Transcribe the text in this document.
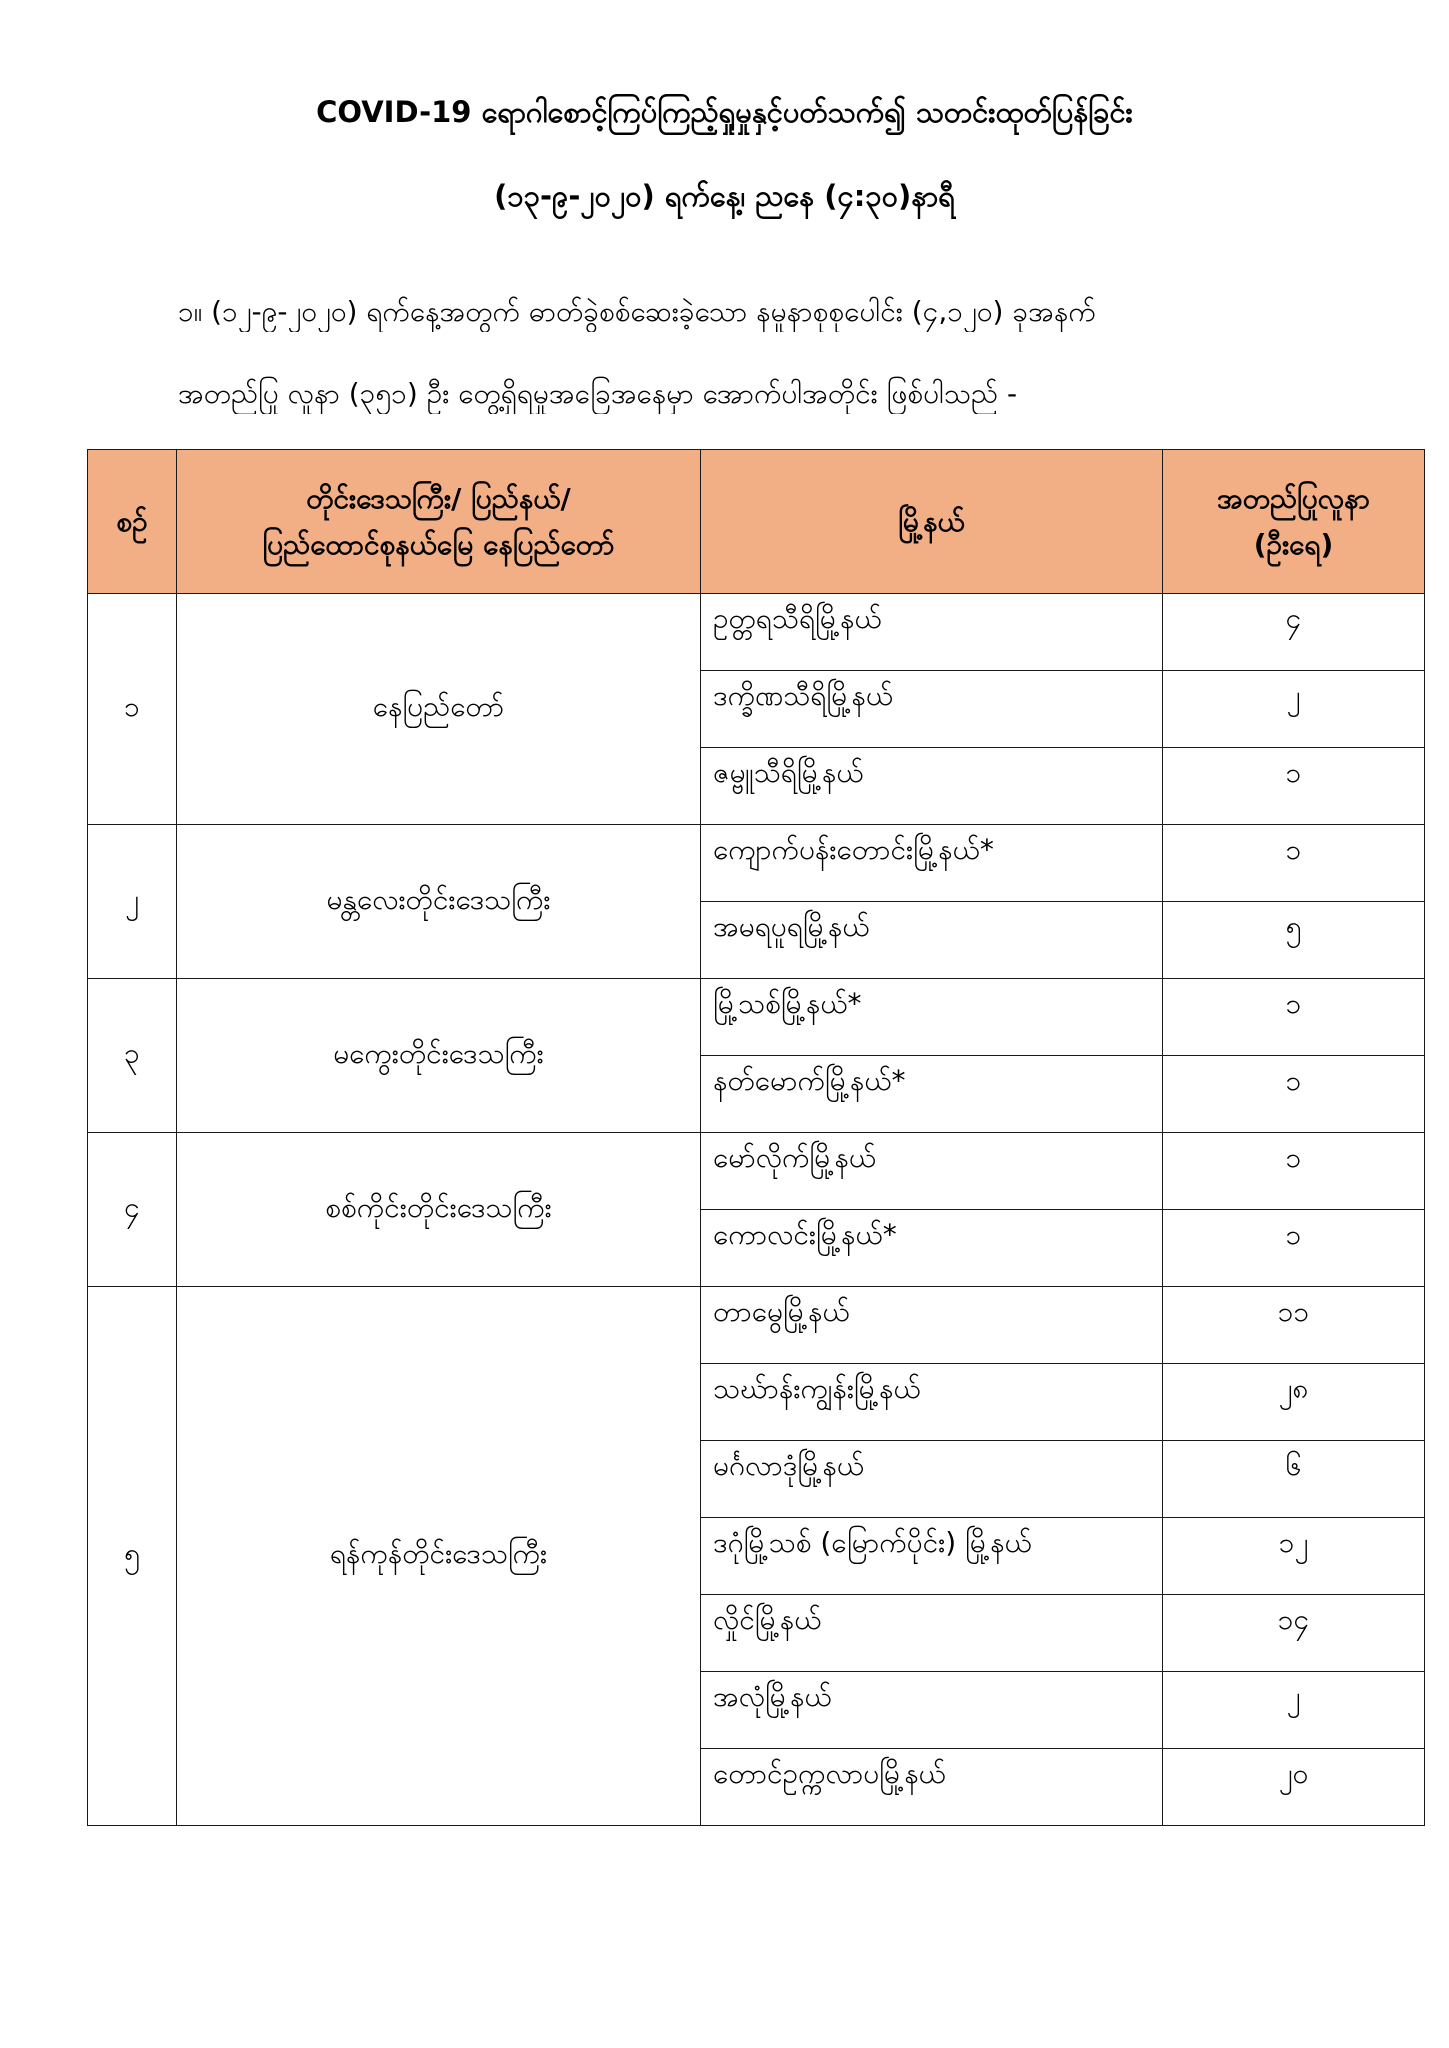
COVID-19 ရောဂါစောင့်ကြပ်ကြည့်ရှုမှုနှင့်ပတ်သက်၍ သတင်းထုတ်ပြန်ခြင်း

(၁၃-၉-၂၀၂၀) ရက်နေ့၊ ညနေ (၄:၃၀)နာရီ

၁။ (၁၂-၉-၂၀၂၀) ရက်နေ့အတွက် ဓာတ်ခွဲစစ်ဆေးခဲ့သော နမူနာစုစုပေါင်း (၄,၁၂၀) ခုအနက်

အတည်ပြု လူနာ (၃၅၁) ဦး တွေ့ရှိရမှုအခြေအနေမှာ အောက်ပါအတိုင်း ဖြစ်ပါသည် -

စဉ်	တိုင်းဒေသကြီး/ ပြည်နယ်/
ပြည်ထောင်စုနယ်မြေ နေပြည်တော်	မြို့နယ်	အတည်ပြုလူနာ
(ဦးရေ)

၁	နေပြည်တော်	ဥတ္တရသီရိမြို့နယ်	၄
		ဒက္ခိဏသီရိမြို့နယ်	၂
		ဇမ္ဗူသီရိမြို့နယ်	၁
၂	မန္တလေးတိုင်းဒေသကြီး	ကျောက်ပန်းတောင်းမြို့နယ်*	၁
		အမရပူရမြို့နယ်	၅
၃	မကွေးတိုင်းဒေသကြီး	မြို့သစ်မြို့နယ်*	၁
		နတ်မောက်မြို့နယ်*	၁
၄	စစ်ကိုင်းတိုင်းဒေသကြီး	မော်လိုက်မြို့နယ်	၁
		ကောလင်းမြို့နယ်*	၁
၅	ရန်ကုန်တိုင်းဒေသကြီး	တာမွေမြို့နယ်	၁၁
		သဃ်ာန်းကျွန်းမြို့နယ်	၂၈
		မင်္ဂလာဒုံမြို့နယ်	၆
		ဒဂုံမြို့သစ် (မြောက်ပိုင်း) မြို့နယ်	၁၂
		လှိုင်မြို့နယ်	၁၄
		အလုံမြို့နယ်	၂
		တောင်ဥက္ကလာပမြို့နယ်	၂၀
